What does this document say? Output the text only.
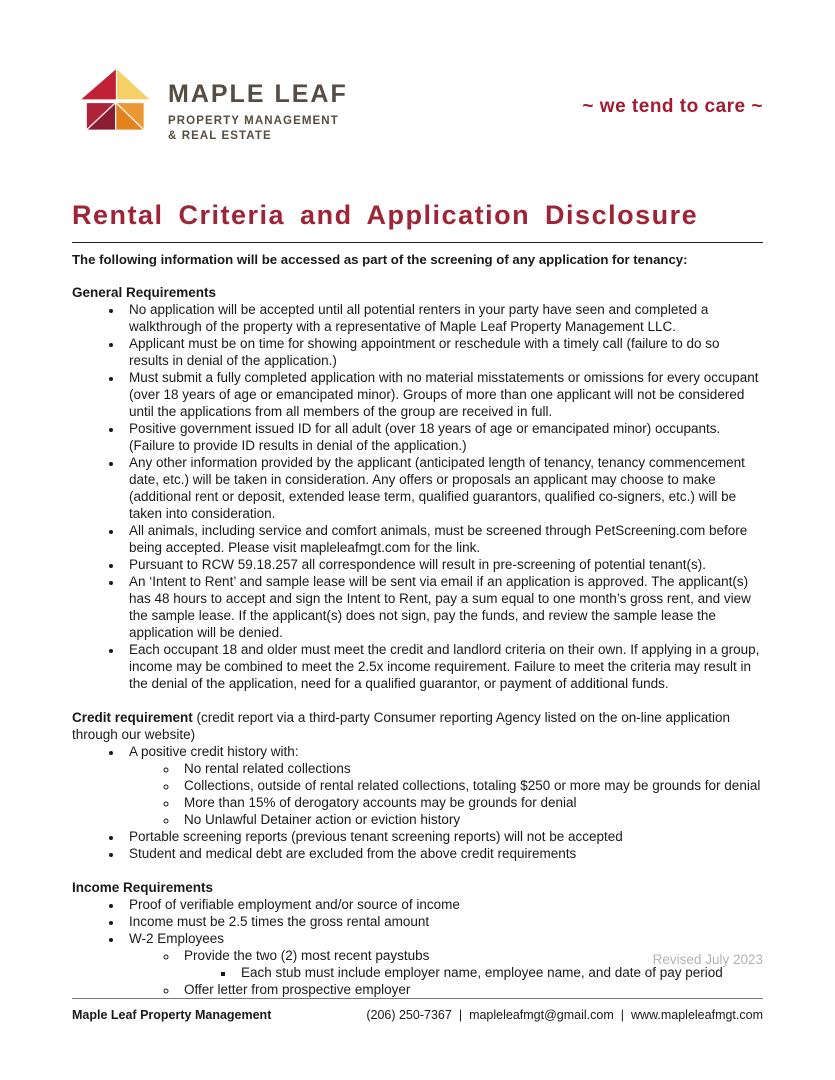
MAPLE LEAF
PROPERTY MANAGEMENT
& REAL ESTATE
~ we tend to care ~
Rental Criteria and Application Disclosure
The following information will be accessed as part of the screening of any application for tenancy:
General Requirements
• No application will be accepted until all potential renters in your party have seen and completed a walkthrough of the property with a representative of Maple Leaf Property Management LLC.
• Applicant must be on time for showing appointment or reschedule with a timely call (failure to do so results in denial of the application.)
• Must submit a fully completed application with no material misstatements or omissions for every occupant (over 18 years of age or emancipated minor). Groups of more than one applicant will not be considered until the applications from all members of the group are received in full.
• Positive government issued ID for all adult (over 18 years of age or emancipated minor) occupants. (Failure to provide ID results in denial of the application.)
• Any other information provided by the applicant (anticipated length of tenancy, tenancy commencement date, etc.) will be taken in consideration. Any offers or proposals an applicant may choose to make (additional rent or deposit, extended lease term, qualified guarantors, qualified co-signers, etc.) will be taken into consideration.
• All animals, including service and comfort animals, must be screened through PetScreening.com before being accepted. Please visit mapleleafmgt.com for the link.
• Pursuant to RCW 59.18.257 all correspondence will result in pre-screening of potential tenant(s).
• An ‘Intent to Rent’ and sample lease will be sent via email if an application is approved. The applicant(s) has 48 hours to accept and sign the Intent to Rent, pay a sum equal to one month’s gross rent, and view the sample lease. If the applicant(s) does not sign, pay the funds, and review the sample lease the application will be denied.
• Each occupant 18 and older must meet the credit and landlord criteria on their own. If applying in a group, income may be combined to meet the 2.5x income requirement. Failure to meet the criteria may result in the denial of the application, need for a qualified guarantor, or payment of additional funds.
Credit requirement (credit report via a third-party Consumer reporting Agency listed on the on-line application through our website)
• A positive credit history with:
◦ No rental related collections
◦ Collections, outside of rental related collections, totaling $250 or more may be grounds for denial
◦ More than 15% of derogatory accounts may be grounds for denial
◦ No Unlawful Detainer action or eviction history
• Portable screening reports (previous tenant screening reports) will not be accepted
• Student and medical debt are excluded from the above credit requirements
Income Requirements
• Proof of verifiable employment and/or source of income
• Income must be 2.5 times the gross rental amount
• W-2 Employees
◦ Provide the two (2) most recent paystubs
▪ Each stub must include employer name, employee name, and date of pay period
◦ Offer letter from prospective employer
Revised July 2023
Maple Leaf Property Management	(206) 250-7367 | mapleleafmgt@gmail.com | www.mapleleafmgt.com
